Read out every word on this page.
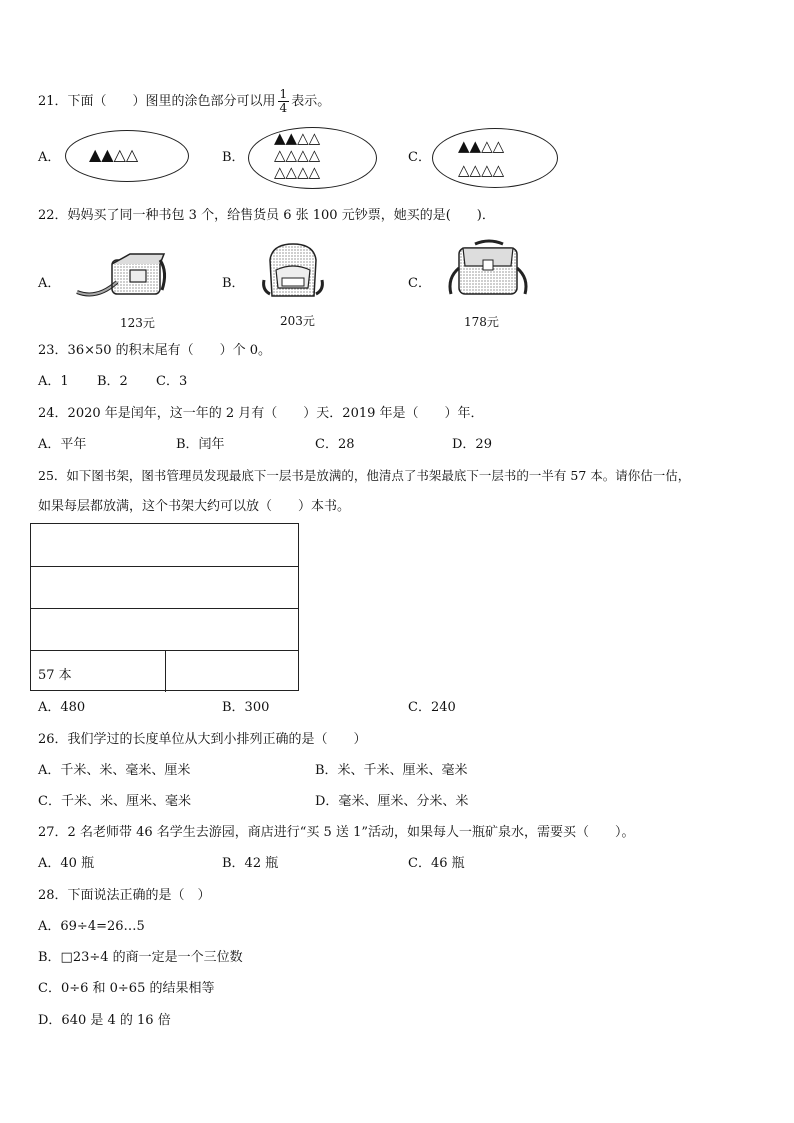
21．下面（　　）图里的涂色部分可以用 $\frac{1}{4}$ 表示。
A． ▲▲△△	B．
▲▲△△
△△△△
△△△△
C．
▲▲△△
△△△△
22．妈妈买了同一种书包 3 个，给售货员 6 张 100 元钞票，她买的是(　　)．
A．
123元
B．
203元
C．
178元
23．36×50 的积末尾有（　　）个 0。
A．1 B．2 C．3
24．2020 年是闰年，这一年的 2 月有（　　）天．2019 年是（　　）年．
A．平年	B．闰年	C．28	D．29
25．如下图书架，图书管理员发现最底下一层书是放满的，他清点了书架最底下一层书的一半有 57 本。请你估一估，
如果每层都放满，这个书架大约可以放（　　）本书。
57 本
A．480	B．300	C．240
26．我们学过的长度单位从大到小排列正确的是（　　）
A．千米、米、毫米、厘米	B．米、千米、厘米、毫米
C．千米、米、厘米、毫米	D．毫米、厘米、分米、米
27．2 名老师带 46 名学生去游园，商店进行“买 5 送 1”活动，如果每人一瓶矿泉水，需要买（　　）。
A．40 瓶	B．42 瓶	C．46 瓶
28．下面说法正确的是（　）
A．69÷4=26…5
B．□23÷4 的商一定是一个三位数
C．0÷6 和 0÷65 的结果相等
D．640 是 4 的 16 倍
